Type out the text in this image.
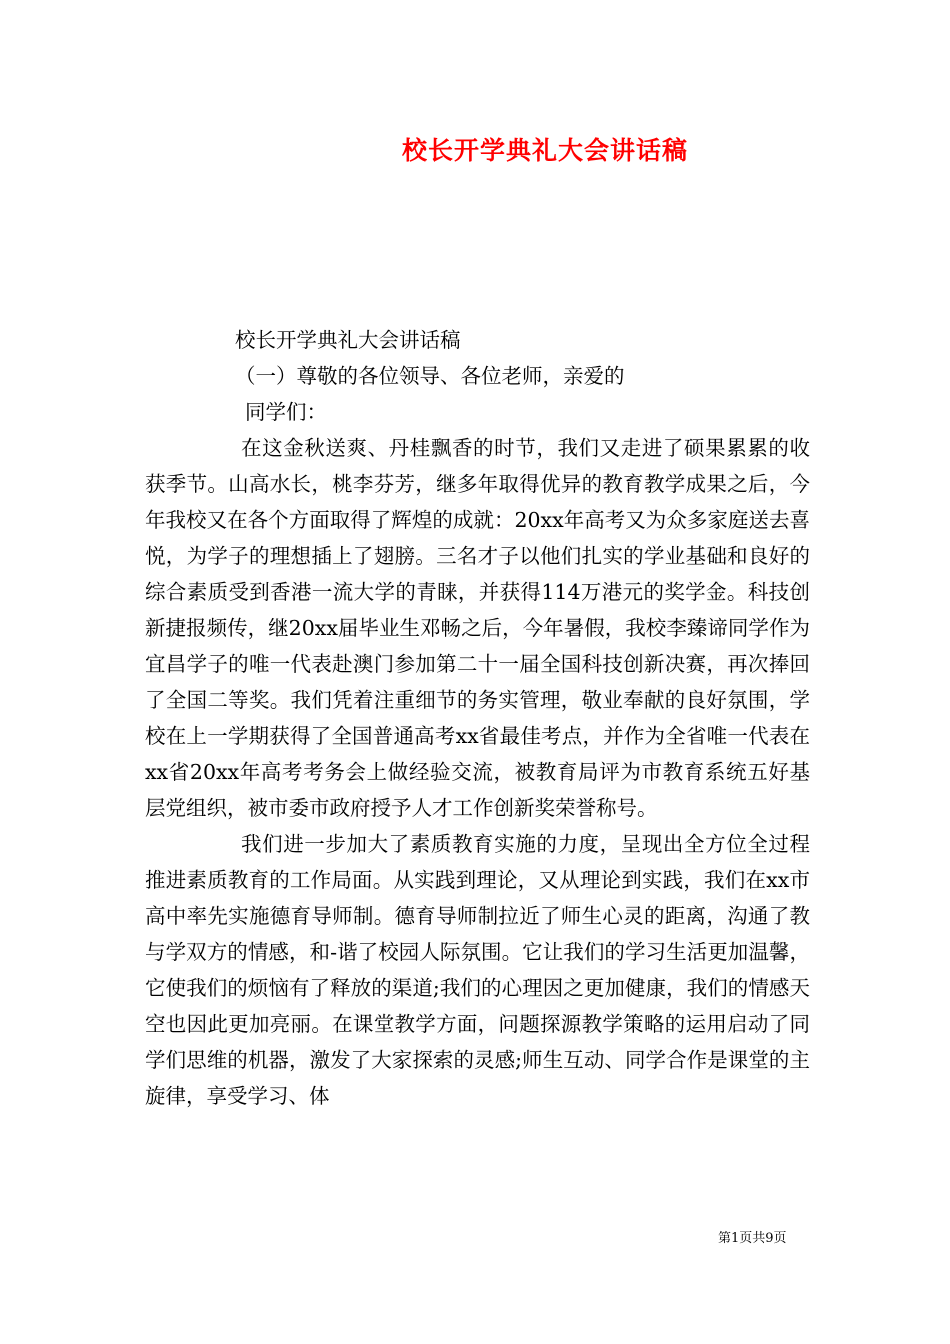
校长开学典礼大会讲话稿

校长开学典礼大会讲话稿

（一）尊敬的各位领导、各位老师，亲爱的

同学们：

在这金秋送爽、丹桂飘香的时节，我们又走进了硕果累累的收获季节。山高水长，桃李芬芳，继多年取得优异的教育教学成果之后，今年我校又在各个方面取得了辉煌的成就：20xx年高考又为众多家庭送去喜悦，为学子的理想插上了翅膀。三名才子以他们扎实的学业基础和良好的综合素质受到香港一流大学的青睐，并获得114万港元的奖学金。科技创新捷报频传，继20xx届毕业生邓畅之后，今年暑假，我校李臻谛同学作为宜昌学子的唯一代表赴澳门参加第二十一届全国科技创新决赛，再次捧回了全国二等奖。我们凭着注重细节的务实管理，敬业奉献的良好氛围，学校在上一学期获得了全国普通高考xx省最佳考点，并作为全省唯一代表在xx省20xx年高考考务会上做经验交流，被教育局评为市教育系统五好基层党组织，被市委市政府授予人才工作创新奖荣誉称号。

我们进一步加大了素质教育实施的力度，呈现出全方位全过程推进素质教育的工作局面。从实践到理论，又从理论到实践，我们在xx市高中率先实施德育导师制。德育导师制拉近了师生心灵的距离，沟通了教与学双方的情感，和-谐了校园人际氛围。它让我们的学习生活更加温馨，它使我们的烦恼有了释放的渠道;我们的心理因之更加健康，我们的情感天空也因此更加亮丽。在课堂教学方面，问题探源教学策略的运用启动了同学们思维的机器，激发了大家探索的灵感;师生互动、同学合作是课堂的主旋律，享受学习、体

第1页共9页
